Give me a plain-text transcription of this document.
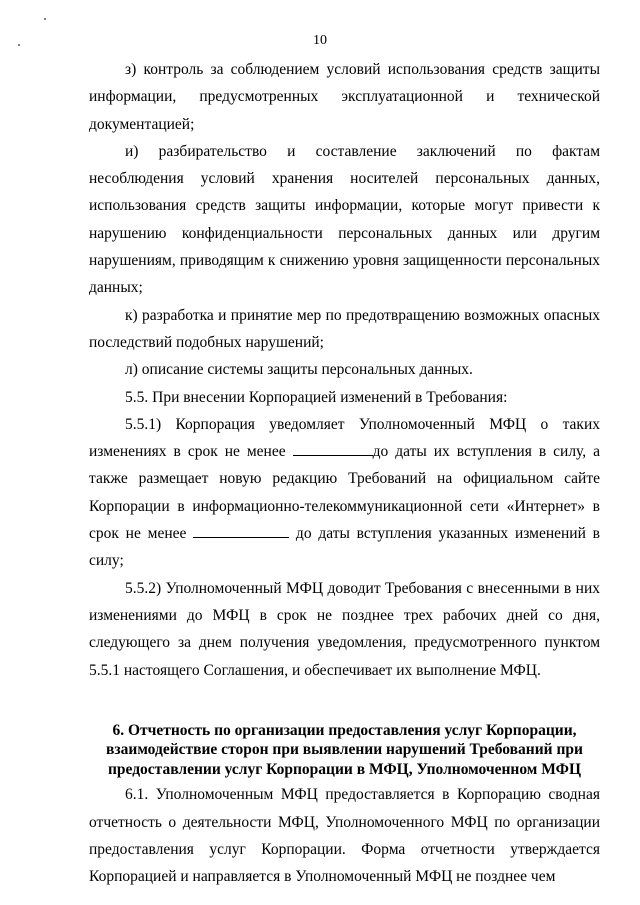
10

з) контроль за соблюдением условий использования средств защиты информации, предусмотренных эксплуатационной и технической документацией;

и) разбирательство и составление заключений по фактам несоблюдения условий хранения носителей персональных данных, использования средств защиты информации, которые могут привести к нарушению конфиденциальности персональных данных или другим нарушениям, приводящим к снижению уровня защищенности персональных данных;

к) разработка и принятие мер по предотвращению возможных опасных последствий подобных нарушений;

л) описание системы защиты персональных данных.

5.5. При внесении Корпорацией изменений в Требования:

5.5.1) Корпорация уведомляет Уполномоченный МФЦ о таких изменениях в срок не менее	до даты их вступления в силу, а также размещает новую редакцию Требований на официальном сайте Корпорации в информационно-телекоммуникационной сети «Интернет» в срок не менее	до даты вступления указанных изменений в силу;

5.5.2) Уполномоченный МФЦ доводит Требования с внесенными в них изменениями до МФЦ в срок не позднее трех рабочих дней со дня, следующего за днем получения уведомления, предусмотренного пунктом 5.5.1 настоящего Соглашения, и обеспечивает их выполнение МФЦ.

6. Отчетность по организации предоставления услуг Корпорации, взаимодействие сторон при выявлении нарушений Требований при предоставлении услуг Корпорации в МФЦ, Уполномоченном МФЦ

6.1. Уполномоченным МФЦ предоставляется в Корпорацию сводная отчетность о деятельности МФЦ, Уполномоченного МФЦ по организации предоставления услуг Корпорации. Форма отчетности утверждается Корпорацией и направляется в Уполномоченный МФЦ не позднее чем
